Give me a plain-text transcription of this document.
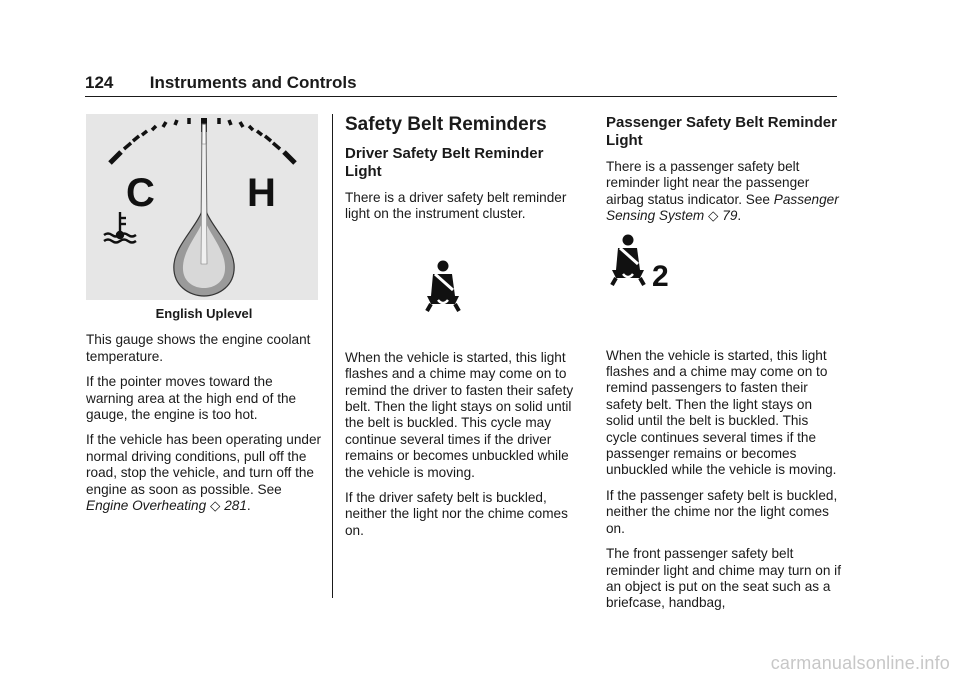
124 Instruments and Controls
C H
English Uplevel

This gauge shows the engine coolant temperature.

If the pointer moves toward the warning area at the high end of the gauge, the engine is too hot.

If the vehicle has been operating under normal driving conditions, pull off the road, stop the vehicle, and turn off the engine as soon as possible. See Engine Overheating ◇ 281.

Safety Belt Reminders
Driver Safety Belt Reminder Light

There is a driver safety belt reminder light on the instrument cluster.

When the vehicle is started, this light flashes and a chime may come on to remind the driver to fasten their safety belt. Then the light stays on solid until the belt is buckled. This cycle may continue several times if the driver remains or becomes unbuckled while the vehicle is moving.

If the driver safety belt is buckled, neither the light nor the chime comes on.

Passenger Safety Belt Reminder Light

There is a passenger safety belt reminder light near the passenger airbag status indicator. See Passenger Sensing System ◇ 79.

2

When the vehicle is started, this light flashes and a chime may come on to remind passengers to fasten their safety belt. Then the light stays on solid until the belt is buckled. This cycle continues several times if the passenger remains or becomes unbuckled while the vehicle is moving.

If the passenger safety belt is buckled, neither the chime nor the light comes on.

The front passenger safety belt reminder light and chime may turn on if an object is put on the seat such as a briefcase, handbag,

carmanualsonline.info
